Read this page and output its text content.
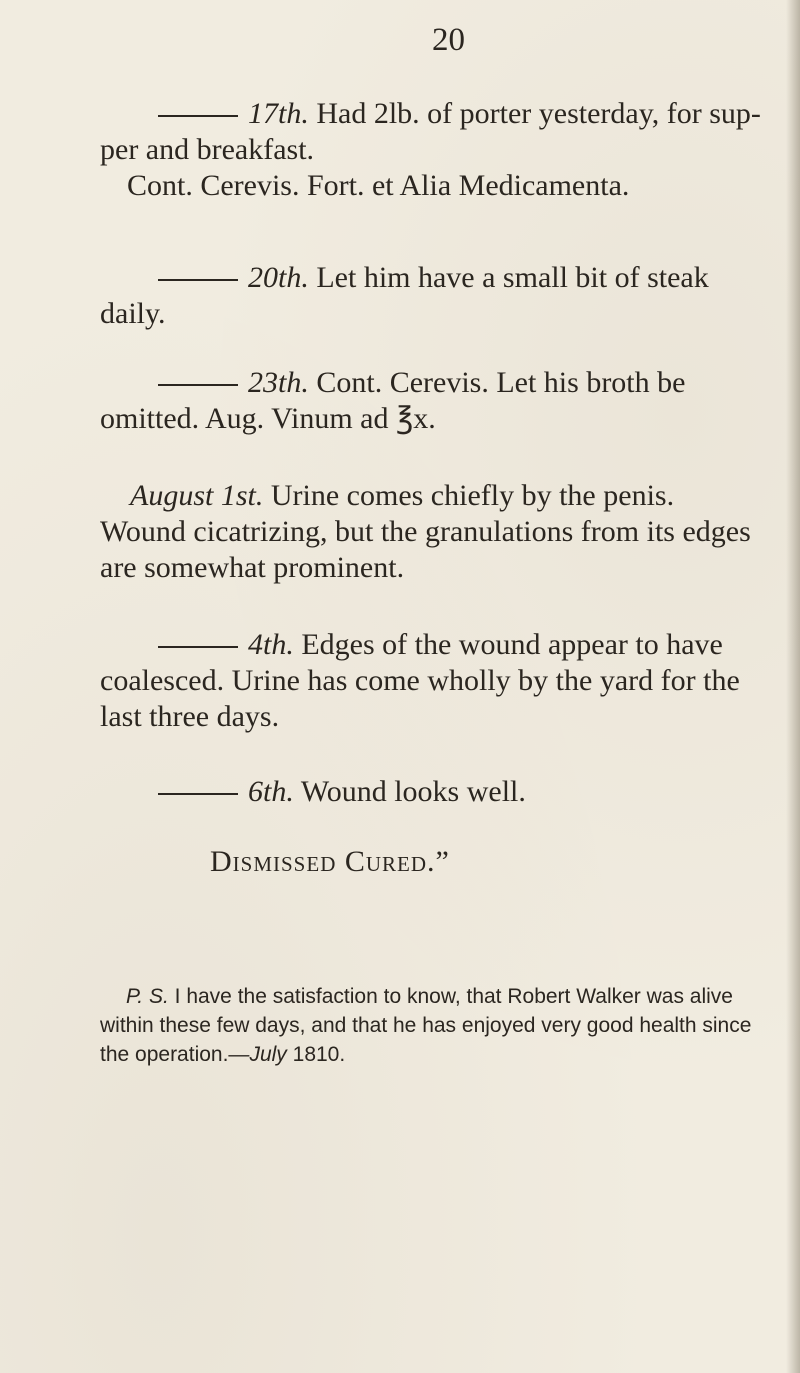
20

17th. Had 2lb. of porter yesterday, for sup-
per and breakfast.
Cont. Cerevis. Fort. et Alia Medicamenta.

20th. Let him have a small bit of steak
daily.

23th. Cont. Cerevis. Let his broth be
omitted. Aug. Vinum ad ℥x.

August 1st. Urine comes chiefly by the penis.
Wound cicatrizing, but the granulations from its edges are somewhat prominent.

4th. Edges of the wound appear to have
coalesced. Urine has come wholly by the yard for the last three days.

6th. Wound looks well.

Dismissed Cured.”

P. S. I have the satisfaction to know, that Robert Walker was alive within these few days, and that he has enjoyed very good health since the operation.—July 1810.
